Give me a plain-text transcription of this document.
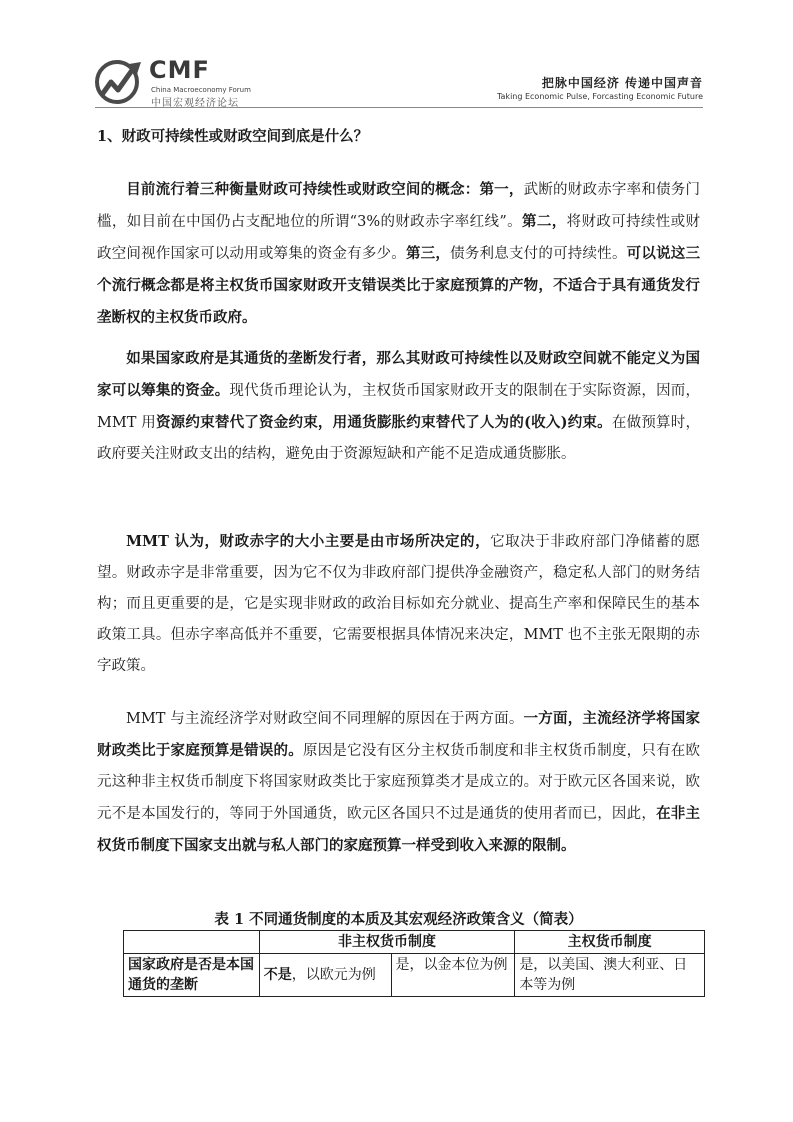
CMF
China Macroeconomy Forum
中国宏观经济论坛
把脉中国经济 传递中国声音
Taking Economic Pulse, Forcasting Economic Future
1、财政可持续性或财政空间到底是什么？

目前流行着三种衡量财政可持续性或财政空间的概念：第一，武断的财政赤字率和债务门槛，如目前在中国仍占支配地位的所谓“3%的财政赤字率红线”。第二，将财政可持续性或财政空间视作国家可以动用或筹集的资金有多少。第三，债务利息支付的可持续性。可以说这三个流行概念都是将主权货币国家财政开支错误类比于家庭预算的产物，不适合于具有通货发行垄断权的主权货币政府。

如果国家政府是其通货的垄断发行者，那么其财政可持续性以及财政空间就不能定义为国家可以筹集的资金。现代货币理论认为，主权货币国家财政开支的限制在于实际资源，因而，MMT 用资源约束替代了资金约束，用通货膨胀约束替代了人为的(收入)约束。在做预算时，政府要关注财政支出的结构，避免由于资源短缺和产能不足造成通货膨胀。

MMT 认为，财政赤字的大小主要是由市场所决定的，它取决于非政府部门净储蓄的愿望。财政赤字是非常重要，因为它不仅为非政府部门提供净金融资产，稳定私人部门的财务结构；而且更重要的是，它是实现非财政的政治目标如充分就业、提高生产率和保障民生的基本政策工具。但赤字率高低并不重要，它需要根据具体情况来决定，MMT 也不主张无限期的赤字政策。

MMT 与主流经济学对财政空间不同理解的原因在于两方面。一方面，主流经济学将国家财政类比于家庭预算是错误的。原因是它没有区分主权货币制度和非主权货币制度，只有在欧元这种非主权货币制度下将国家财政类比于家庭预算类才是成立的。对于欧元区各国来说，欧元不是本国发行的，等同于外国通货，欧元区各国只不过是通货的使用者而已，因此，在非主权货币制度下国家支出就与私人部门的家庭预算一样受到收入来源的限制。

表 1 不同通货制度的本质及其宏观经济政策含义（简表）
	非主权货币制度		主权货币制度
国家政府是否是本国通货的垄断	不是，以欧元为例	是，以金本位为例	是，以美国、澳大利亚、日本等为例
